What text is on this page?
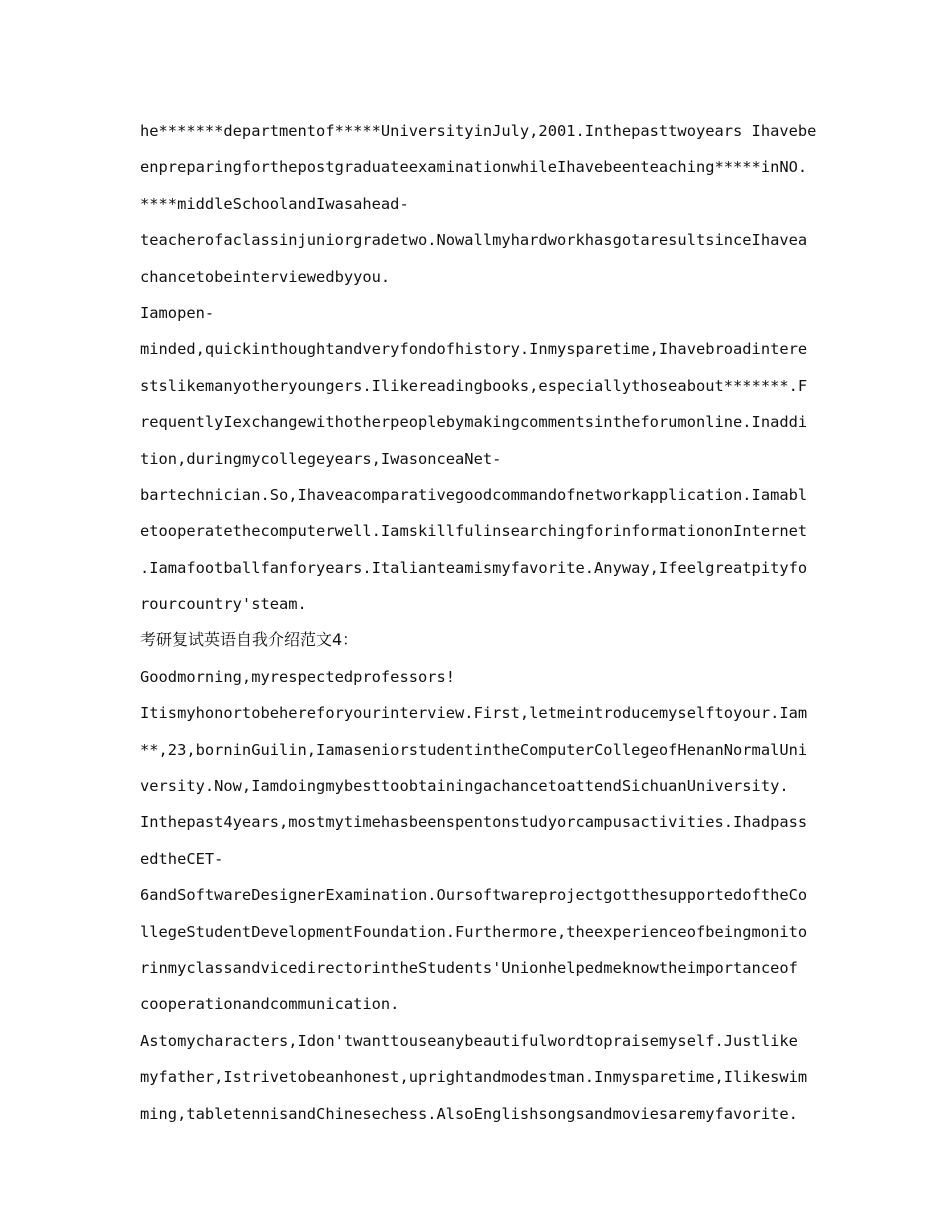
he*******departmentof*****UniversityinJuly,2001.Inthepasttwoyears Ihavebe
enpreparingforthepostgraduateexaminationwhileIhavebeenteaching*****inNO.
****middleSchoolandIwasahead-
teacherofaclassinjuniorgradetwo.NowallmyhardworkhasgotaresultsinceIhavea
chancetobeinterviewedbyyou.
Iamopen-
minded,quickinthoughtandveryfondofhistory.Inmysparetime,Ihavebroadintere
stslikemanyotheryoungers.Ilikereadingbooks,especiallythoseabout*******.F
requentlyIexchangewithotherpeoplebymakingcommentsintheforumonline.Inaddi
tion,duringmycollegeyears,IwasonceaNet-
bartechnician.So,Ihaveacomparativegoodcommandofnetworkapplication.Iamabl
etooperatethecomputerwell.IamskillfulinsearchingforinformationonInternet
.Iamafootballfanforyears.Italianteamismyfavorite.Anyway,Ifeelgreatpityfo
rourcountry'steam.
考研复试英语自我介绍范文4：
Goodmorning,myrespectedprofessors!
Itismyhonortobehereforyourinterview.First,letmeintroducemyselftoyour.Iam
**,23,borninGuilin,IamaseniorstudentintheComputerCollegeofHenanNormalUni
versity.Now,IamdoingmybesttoobtainingachancetoattendSichuanUniversity.
Inthepast4years,mostmytimehasbeenspentonstudyorcampusactivities.Ihadpass
edtheCET-
6andSoftwareDesignerExamination.OursoftwareprojectgotthesupportedoftheCo
llegeStudentDevelopmentFoundation.Furthermore,theexperienceofbeingmonito
rinmyclassandvicedirectorintheStudents'Unionhelpedmeknowtheimportanceof
cooperationandcommunication.
Astomycharacters,Idon'twanttouseanybeautifulwordtopraisemyself.Justlike
myfather,Istrivetobeanhonest,uprightandmodestman.Inmysparetime,Ilikeswim
ming,tabletennisandChinesechess.AlsoEnglishsongsandmoviesaremyfavorite.
